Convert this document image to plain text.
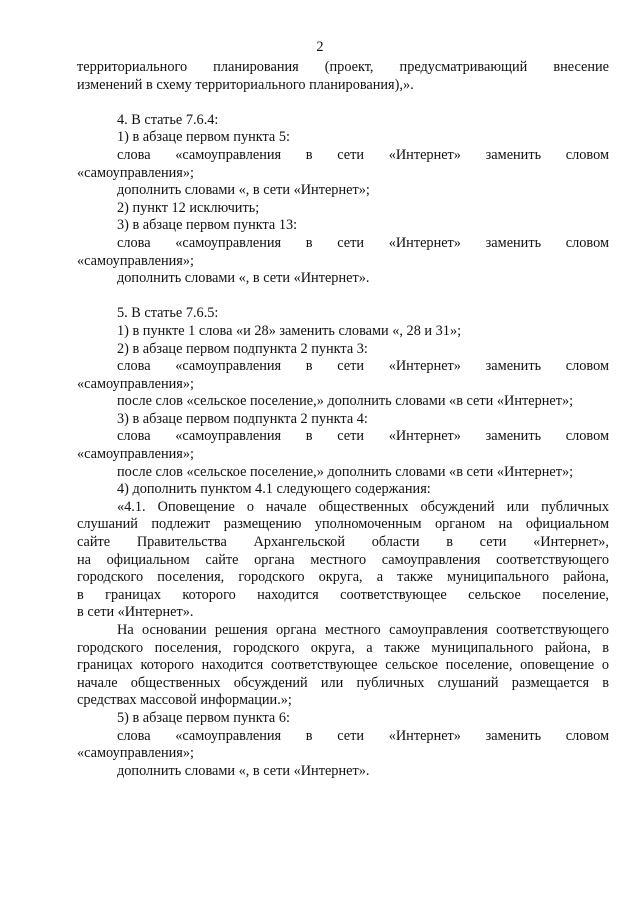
2

территориального планирования (проект, предусматривающий внесение

изменений в схему территориального планирования),».

4. В статье 7.6.4:

1) в абзаце первом пункта 5:

слова «самоуправления в сети «Интернет» заменить словом

«самоуправления»;

дополнить словами «, в сети «Интернет»;

2) пункт 12 исключить;

3) в абзаце первом пункта 13:

слова «самоуправления в сети «Интернет» заменить словом

«самоуправления»;

дополнить словами «, в сети «Интернет».

5. В статье 7.6.5:

1) в пункте 1 слова «и 28» заменить словами «, 28 и 31»;

2) в абзаце первом подпункта 2 пункта 3:

слова «самоуправления в сети «Интернет» заменить словом

«самоуправления»;

после слов «сельское поселение,» дополнить словами «в сети «Интернет»;

3) в абзаце первом подпункта 2 пункта 4:

слова «самоуправления в сети «Интернет» заменить словом

«самоуправления»;

после слов «сельское поселение,» дополнить словами «в сети «Интернет»;

4) дополнить пунктом 4.1 следующего содержания:

«4.1. Оповещение о начале общественных обсуждений или публичных

слушаний подлежит размещению уполномоченным органом на официальном

сайте Правительства Архангельской области в сети «Интернет»,

на официальном сайте органа местного самоуправления соответствующего

городского поселения, городского округа, а также муниципального района,

в границах которого находится соответствующее сельское поселение,

в сети «Интернет».

На основании решения органа местного самоуправления соответствующего

городского поселения, городского округа, а также муниципального района, в

границах которого находится соответствующее сельское поселение, оповещение о

начале общественных обсуждений или публичных слушаний размещается в

средствах массовой информации.»;

5) в абзаце первом пункта 6:

слова «самоуправления в сети «Интернет» заменить словом

«самоуправления»;

дополнить словами «, в сети «Интернет».
